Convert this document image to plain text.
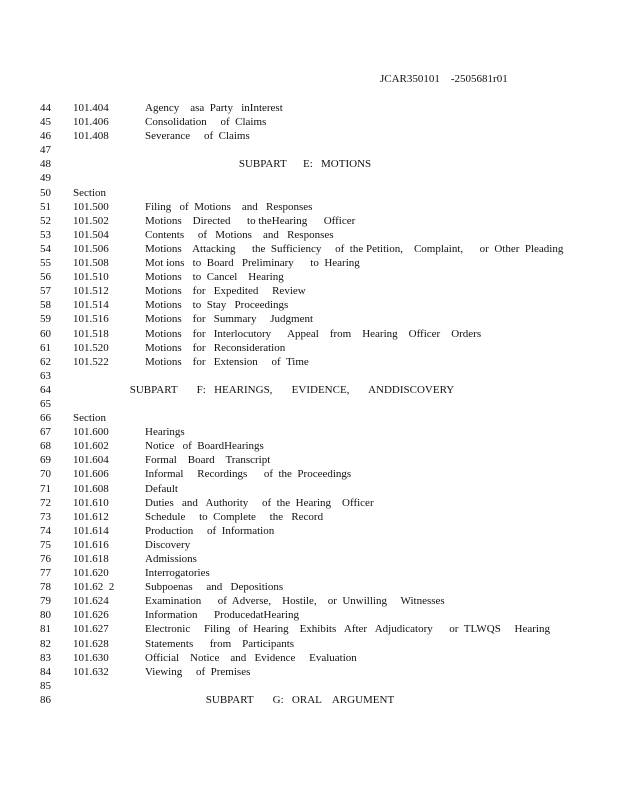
JCAR350101    -2505681r01
44	101.404	Agency    asa  Party   inInterest
45	101.406	Consolidation     of  Claims
46	101.408	Severance     of  Claims
47
48	SUBPART      E:   MOTIONS
49
50	Section
51	101.500	Filing   of  Motions    and   Responses
52	101.502	Motions    Directed      to theHearing      Officer
53	101.504	Contents     of   Motions    and   Responses
54	101.506	Motions    Attacking      the  Sufficiency     of  the Petition,    Complaint,      or  Other  Pleading
55	101.508	Mot ions   to  Board   Preliminary      to  Hearing
56	101.510	Motions    to  Cancel    Hearing
57	101.512	Motions    for   Expedited     Review
58	101.514	Motions    to  Stay   Proceedings
59	101.516	Motions    for   Summary     Judgment
60	101.518	Motions    for   Interlocutory      Appeal    from    Hearing    Officer    Orders
61	101.520	Motions    for   Reconsideration
62	101.522	Motions    for   Extension     of  Time
63
64	SUBPART       F:   HEARINGS,       EVIDENCE,       ANDDISCOVERY
65
66	Section
67	101.600	Hearings
68	101.602	Notice   of  BoardHearings
69	101.604	Formal    Board    Transcript
70	101.606	Informal     Recordings      of  the  Proceedings
71	101.608	Default
72	101.610	Duties   and   Authority     of  the  Hearing    Officer
73	101.612	Schedule     to  Complete     the   Record
74	101.614	Production     of  Information
75	101.616	Discovery
76	101.618	Admissions
77	101.620	Interrogatories
78	101.62  2	Subpoenas     and   Depositions
79	101.624	Examination      of  Adverse,    Hostile,    or  Unwilling     Witnesses
80	101.626	Information      ProducedatHearing
81	101.627	Electronic     Filing   of  Hearing    Exhibits   After   Adjudicatory      or  TLWQS     Hearing
82	101.628	Statements      from    Participants
83	101.630	Official    Notice    and   Evidence     Evaluation
84	101.632	Viewing     of  Premises
85
86	SUBPART       G:   ORAL    ARGUMENT
